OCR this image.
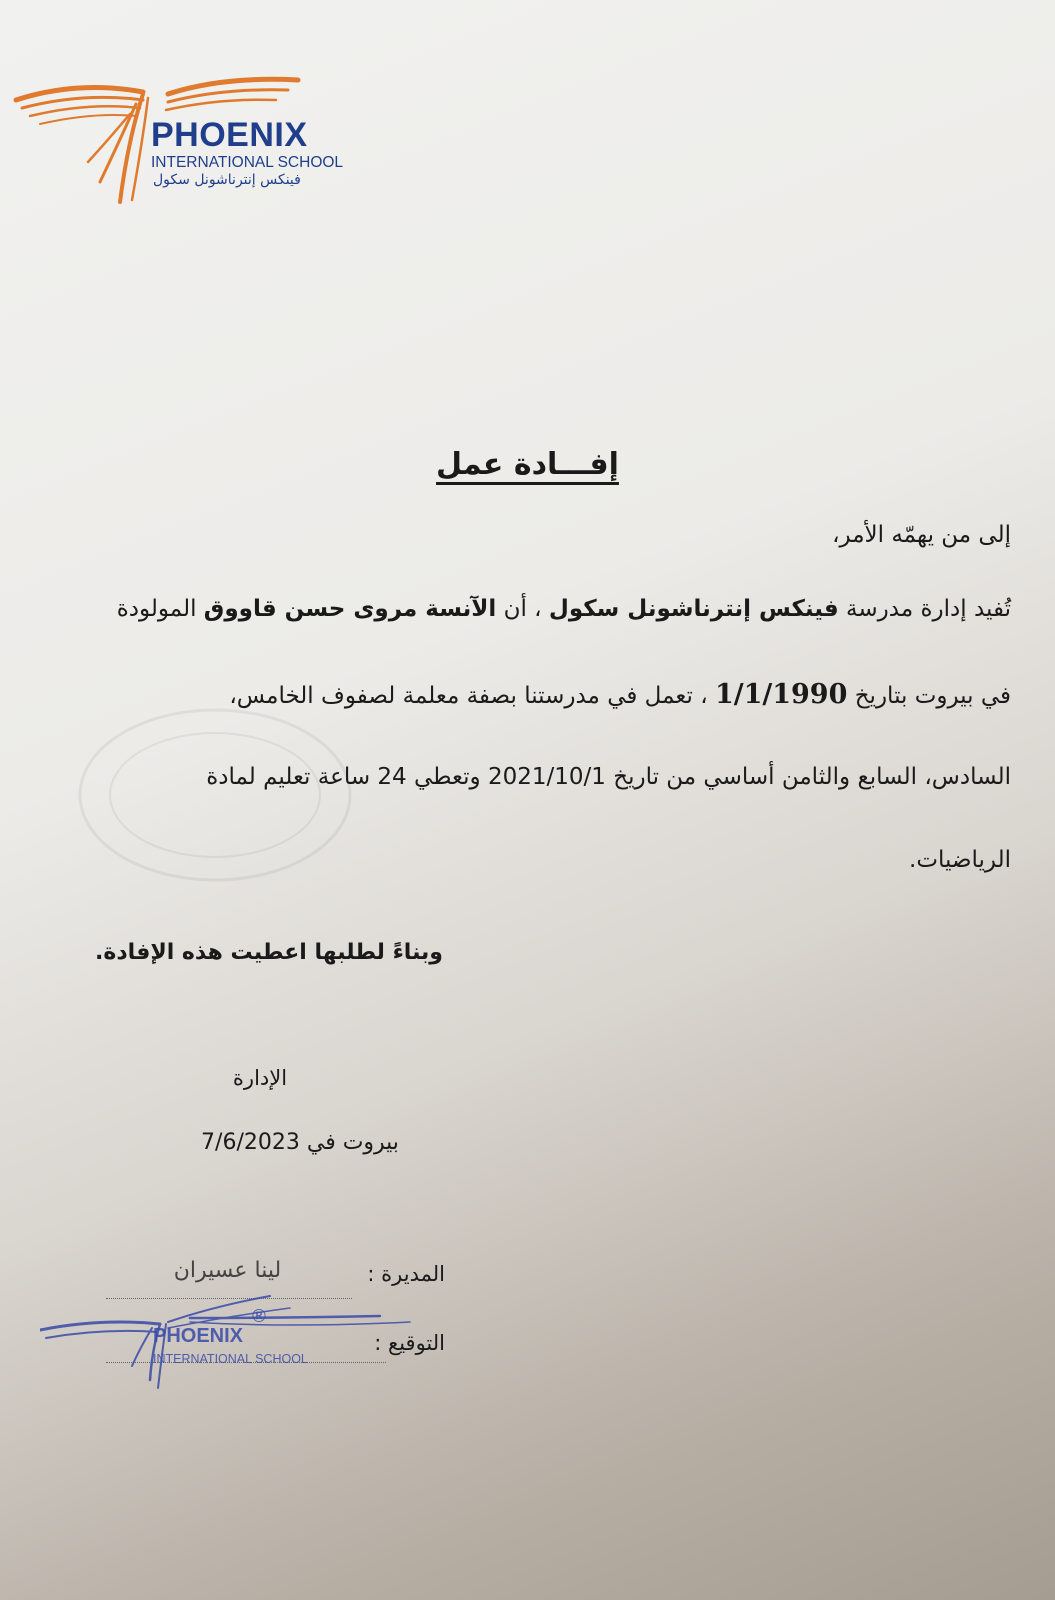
PHOENIX
INTERNATIONAL SCHOOL
فينكس إنترناشونل سكول
إفـــادة عمل
إلى من يهمّه الأمر،
تُفيد إدارة مدرسة فينكس إنترناشونل سكول ، أن الآنسة مروى حسن قاووق المولودة
في بيروت بتاريخ 1/1/1990 ، تعمل في مدرستنا بصفة معلمة لصفوف الخامس،
السادس، السابع والثامن أساسي من تاريخ 2021/10/1 وتعطي 24 ساعة تعليم لمادة
الرياضيات.
وبناءً لطلبها اعطيت هذه الإفادة.
الإدارة
بيروت في 7/6/2023
المديرة :
لينا عسيران
التوقيع :
PHOENIX
INTERNATIONAL SCHOOL
®
